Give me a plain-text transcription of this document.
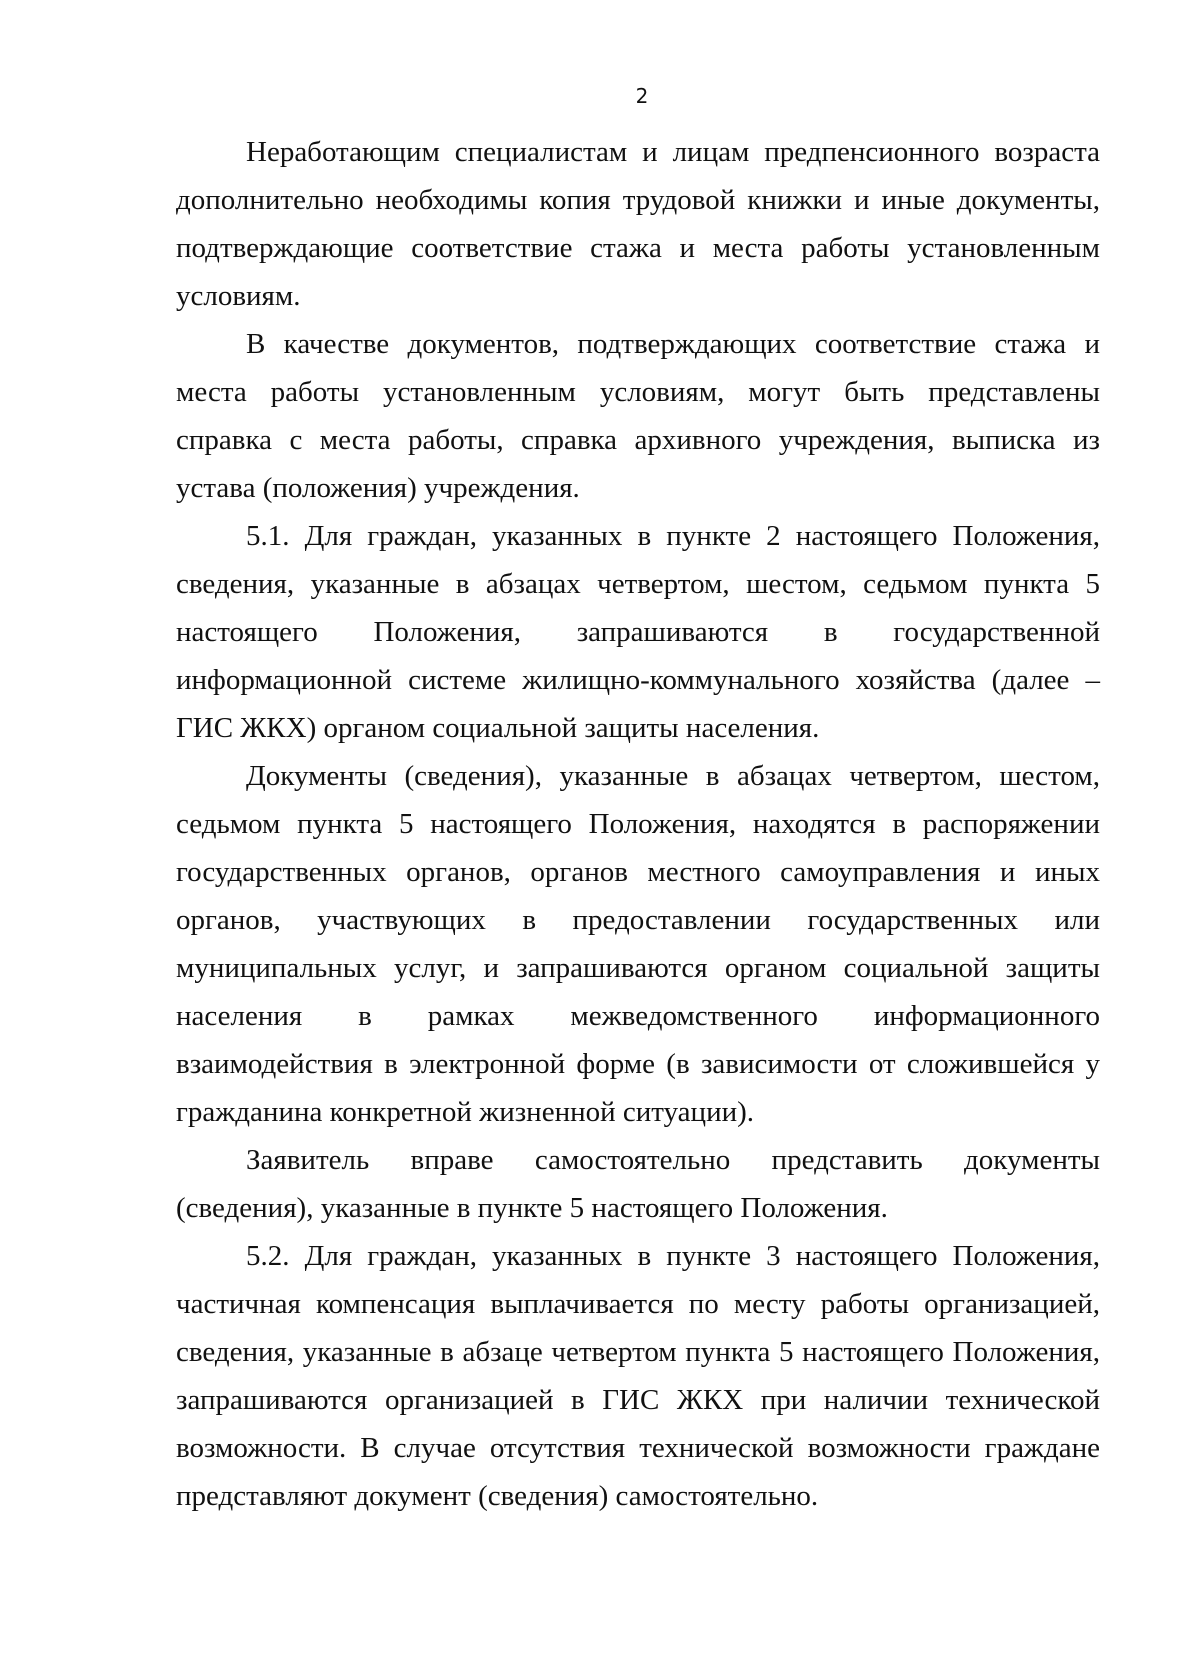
2

Неработающим специалистам и лицам предпенсионного возраста дополнительно необходимы копия трудовой книжки и иные документы, подтверждающие соответствие стажа и места работы установленным условиям.

В качестве документов, подтверждающих соответствие стажа и места работы установленным условиям, могут быть представлены справка с места работы, справка архивного учреждения, выписка из устава (положения) учреждения.

5.1. Для граждан, указанных в пункте 2 настоящего Положения, сведения, указанные в абзацах четвертом, шестом, седьмом пункта 5 настоящего Положения, запрашиваются в государственной информационной системе жилищно-коммунального хозяйства (далее – ГИС ЖКХ) органом социальной защиты населения.

Документы (сведения), указанные в абзацах четвертом, шестом, седьмом пункта 5 настоящего Положения, находятся в распоряжении государственных органов, органов местного самоуправления и иных органов, участвующих в предоставлении государственных или муниципальных услуг, и запрашиваются органом социальной защиты населения в рамках межведомственного информационного взаимодействия в электронной форме (в зависимости от сложившейся у гражданина конкретной жизненной ситуации).

Заявитель вправе самостоятельно представить документы (сведения), указанные в пункте 5 настоящего Положения.

5.2. Для граждан, указанных в пункте 3 настоящего Положения, частичная компенсация выплачивается по месту работы организацией, сведения, указанные в абзаце четвертом пункта 5 настоящего Положения, запрашиваются организацией в ГИС ЖКХ при наличии технической возможности. В случае отсутствия технической возможности граждане представляют документ (сведения) самостоятельно.
